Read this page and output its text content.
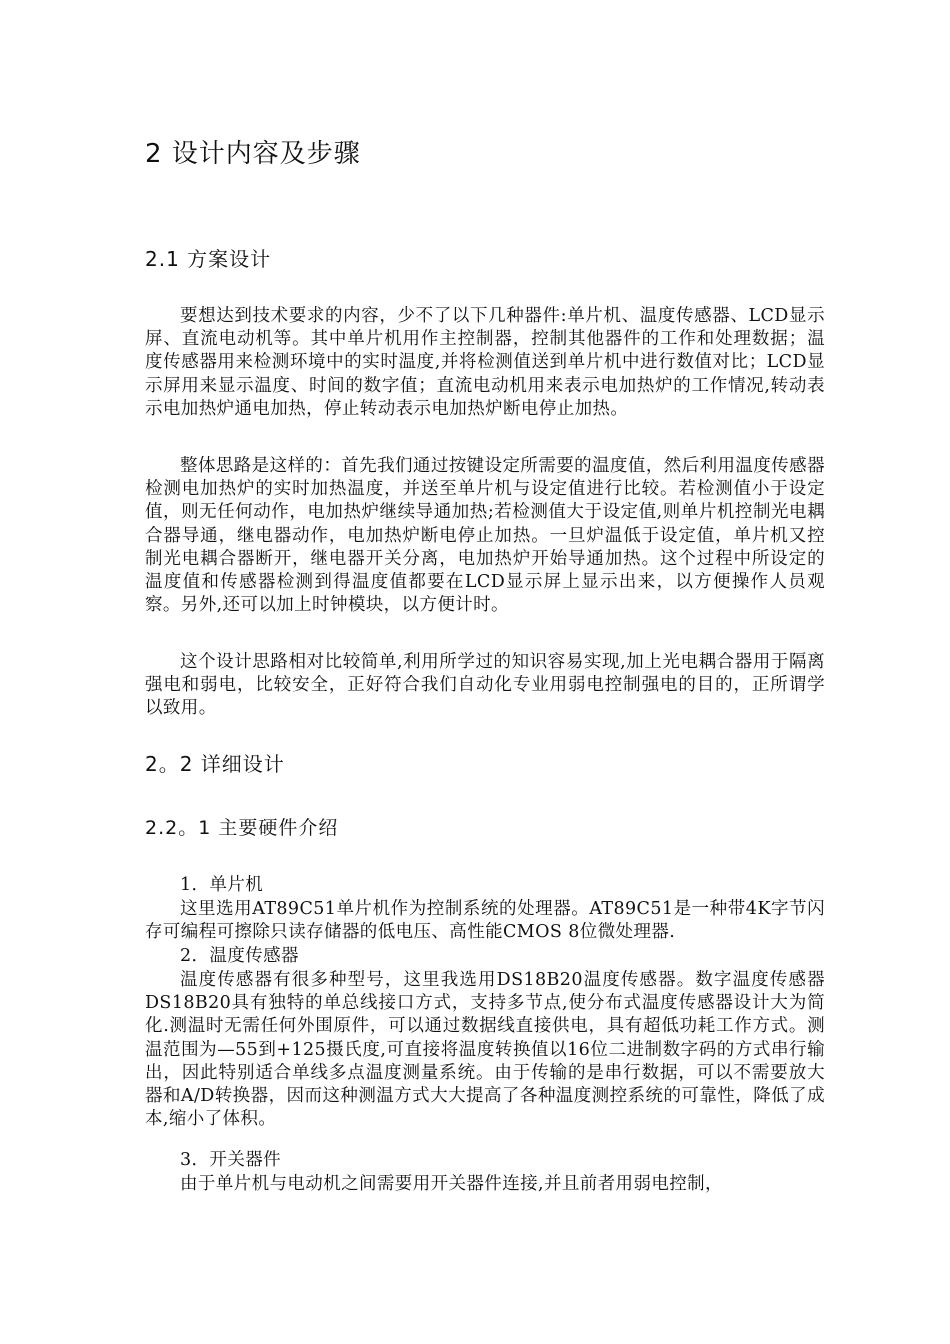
2 设计内容及步骤
2.1 方案设计

要想达到技术要求的内容，少不了以下几种器件:单片机、温度传感器、LCD显示屏、直流电动机等。其中单片机用作主控制器，控制其他器件的工作和处理数据；温度传感器用来检测环境中的实时温度,并将检测值送到单片机中进行数值对比；LCD显示屏用来显示温度、时间的数字值；直流电动机用来表示电加热炉的工作情况,转动表示电加热炉通电加热，停止转动表示电加热炉断电停止加热。

整体思路是这样的：首先我们通过按键设定所需要的温度值，然后利用温度传感器检测电加热炉的实时加热温度，并送至单片机与设定值进行比较。若检测值小于设定值，则无任何动作，电加热炉继续导通加热;若检测值大于设定值,则单片机控制光电耦合器导通，继电器动作，电加热炉断电停止加热。一旦炉温低于设定值，单片机又控制光电耦合器断开，继电器开关分离，电加热炉开始导通加热。这个过程中所设定的温度值和传感器检测到得温度值都要在LCD显示屏上显示出来，以方便操作人员观察。另外,还可以加上时钟模块，以方便计时。

这个设计思路相对比较简单,利用所学过的知识容易实现,加上光电耦合器用于隔离强电和弱电，比较安全，正好符合我们自动化专业用弱电控制强电的目的，正所谓学以致用。

2。2 详细设计
2.2。1 主要硬件介绍

1．单片机

这里选用AT89C51单片机作为控制系统的处理器。AT89C51是一种带4K字节闪存可编程可擦除只读存储器的低电压、高性能CMOS 8位微处理器.

2．温度传感器

温度传感器有很多种型号，这里我选用DS18B20温度传感器。数字温度传感器DS18B20具有独特的单总线接口方式，支持多节点,使分布式温度传感器设计大为简化.测温时无需任何外围原件，可以通过数据线直接供电，具有超低功耗工作方式。测温范围为—55到+125摄氏度,可直接将温度转换值以16位二进制数字码的方式串行输出，因此特别适合单线多点温度测量系统。由于传输的是串行数据，可以不需要放大器和A/D转换器，因而这种测温方式大大提高了各种温度测控系统的可靠性，降低了成本,缩小了体积。

3．开关器件

由于单片机与电动机之间需要用开关器件连接,并且前者用弱电控制，
